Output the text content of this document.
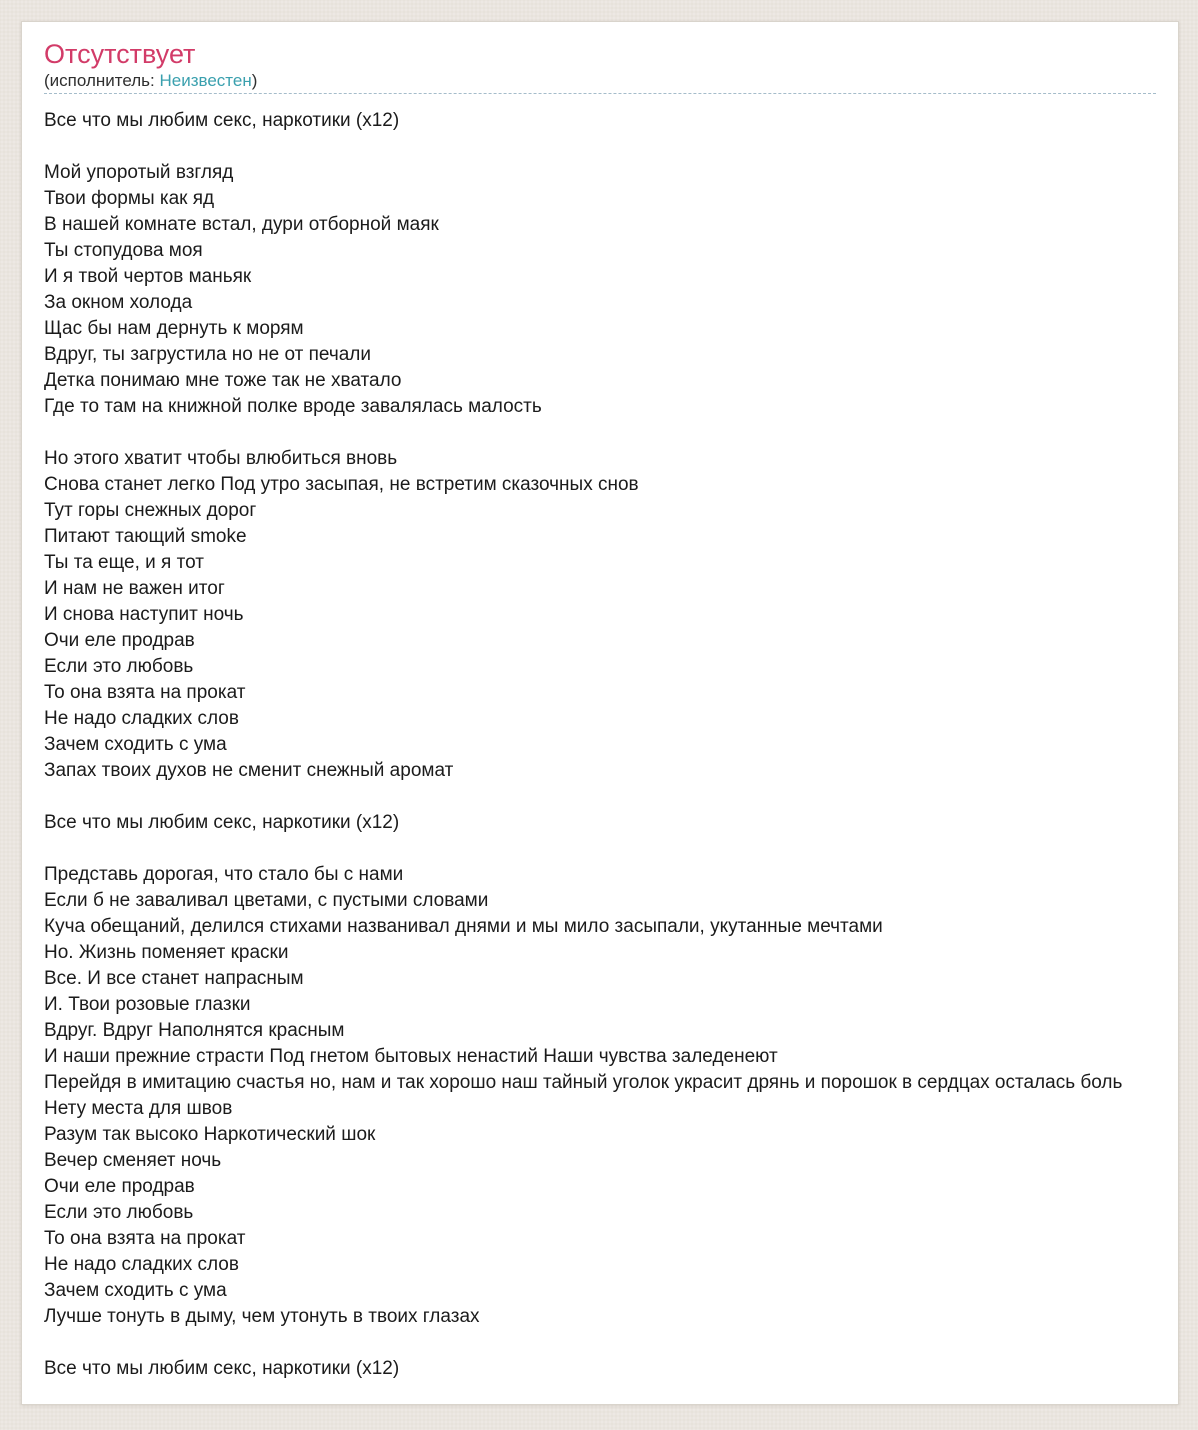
Отсутствует
(исполнитель: Неизвестен)
Все что мы любим секс, наркотики (x12)
Мой упоротый взгляд
Твои формы как яд
В нашей комнате встал, дури отборной маяк
Ты стопудова моя
И я твой чертов маньяк
За окном холода
Щас бы нам дернуть к морям
Вдруг, ты загрустила но не от печали
Детка понимаю мне тоже так не хватало
Где то там на книжной полке вроде завалялась малость
Но этого хватит чтобы влюбиться вновь
Снова станет легко Под утро засыпая, не встретим сказочных снов
Тут горы снежных дорог
Питают тающий smoke
Ты та еще, и я тот
И нам не важен итог
И снова наступит ночь
Очи еле продрав
Если это любовь
То она взята на прокат
Не надо сладких слов
Зачем сходить с ума
Запах твоих духов не сменит снежный аромат
Все что мы любим секс, наркотики (x12)
Представь дорогая, что стало бы с нами
Если б не заваливал цветами, с пустыми словами
Куча обещаний, делился стихами названивал днями и мы мило засыпали, укутанные мечтами
Но. Жизнь поменяет краски
Все. И все станет напрасным
И. Твои розовые глазки
Вдруг. Вдруг Наполнятся красным
И наши прежние страсти Под гнетом бытовых ненастий Наши чувства заледенеют
Перейдя в имитацию счастья но, нам и так хорошо наш тайный уголок украсит дрянь и порошок в сердцах осталась боль
Нету места для швов
Разум так высоко Наркотический шок
Вечер сменяет ночь
Очи еле продрав
Если это любовь
То она взята на прокат
Не надо сладких слов
Зачем сходить с ума
Лучше тонуть в дыму, чем утонуть в твоих глазах
Все что мы любим секс, наркотики (x12)
